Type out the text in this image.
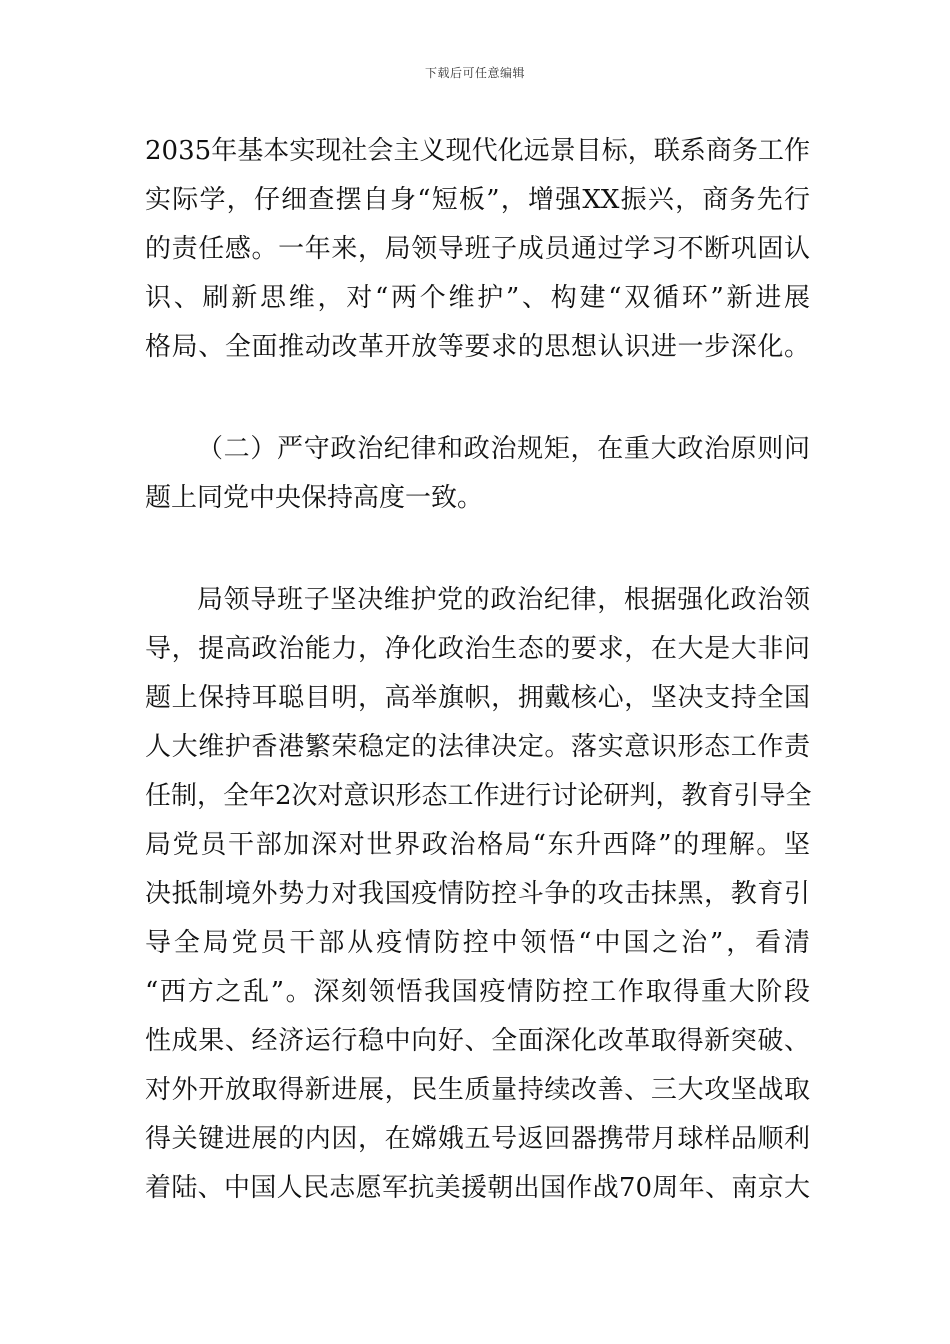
下载后可任意编辑
2035年基本实现社会主义现代化远景目标，联系商务工作
实际学，仔细查摆自身“短板”，增强XX振兴，商务先行
的责任感。一年来，局领导班子成员通过学习不断巩固认
识、刷新思维，对“两个维护”、构建“双循环”新进展
格局、全面推动改革开放等要求的思想认识进一步深化。
（二）严守政治纪律和政治规矩，在重大政治原则问
题上同党中央保持高度一致。
局领导班子坚决维护党的政治纪律，根据强化政治领
导，提高政治能力，净化政治生态的要求，在大是大非问
题上保持耳聪目明，高举旗帜，拥戴核心，坚决支持全国
人大维护香港繁荣稳定的法律决定。落实意识形态工作责
任制，全年2次对意识形态工作进行讨论研判，教育引导全
局党员干部加深对世界政治格局“东升西降”的理解。坚
决抵制境外势力对我国疫情防控斗争的攻击抹黑，教育引
导全局党员干部从疫情防控中领悟“中国之治”，看清
“西方之乱”。深刻领悟我国疫情防控工作取得重大阶段
性成果、经济运行稳中向好、全面深化改革取得新突破、
对外开放取得新进展，民生质量持续改善、三大攻坚战取
得关键进展的内因，在嫦娥五号返回器携带月球样品顺利
着陆、中国人民志愿军抗美援朝出国作战70周年、南京大
